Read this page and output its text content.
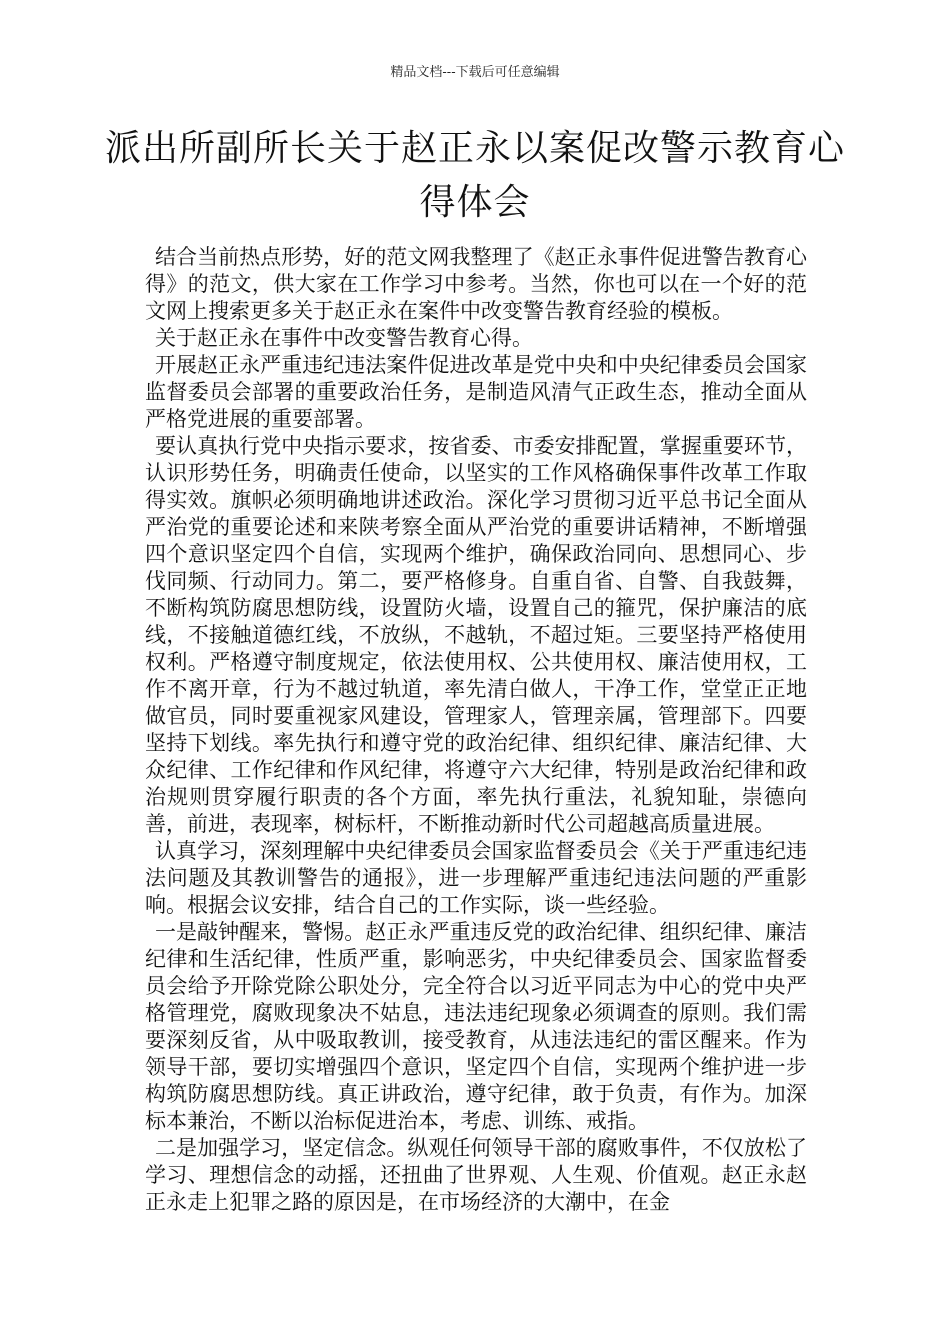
精品文档---下载后可任意编辑
派出所副所长关于赵正永以案促改警示教育心得体会

结合当前热点形势，好的范文网我整理了《赵正永事件促进警告教育心得》的范文，供大家在工作学习中参考。当然，你也可以在一个好的范文网上搜索更多关于赵正永在案件中改变警告教育经验的模板。

关于赵正永在事件中改变警告教育心得。

开展赵正永严重违纪违法案件促进改革是党中央和中央纪律委员会国家监督委员会部署的重要政治任务，是制造风清气正政生态，推动全面从严格党进展的重要部署。

要认真执行党中央指示要求，按省委、市委安排配置，掌握重要环节，认识形势任务，明确责任使命，以坚实的工作风格确保事件改革工作取得实效。旗帜必须明确地讲述政治。深化学习贯彻习近平总书记全面从严治党的重要论述和来陕考察全面从严治党的重要讲话精神，不断增强四个意识坚定四个自信，实现两个维护，确保政治同向、思想同心、步伐同频、行动同力。第二，要严格修身。自重自省、自警、自我鼓舞，不断构筑防腐思想防线，设置防火墙，设置自己的箍咒，保护廉洁的底线，不接触道德红线，不放纵，不越轨，不超过矩。三要坚持严格使用权利。严格遵守制度规定，依法使用权、公共使用权、廉洁使用权，工作不离开章，行为不越过轨道，率先清白做人，干净工作，堂堂正正地做官员，同时要重视家风建设，管理家人，管理亲属，管理部下。四要坚持下划线。率先执行和遵守党的政治纪律、组织纪律、廉洁纪律、大众纪律、工作纪律和作风纪律，将遵守六大纪律，特别是政治纪律和政治规则贯穿履行职责的各个方面，率先执行重法，礼貌知耻，崇德向善，前进，表现率，树标杆，不断推动新时代公司超越高质量进展。

认真学习，深刻理解中央纪律委员会国家监督委员会《关于严重违纪违法问题及其教训警告的通报》，进一步理解严重违纪违法问题的严重影响。根据会议安排，结合自己的工作实际，谈一些经验。

一是敲钟醒来，警惕。赵正永严重违反党的政治纪律、组织纪律、廉洁纪律和生活纪律，性质严重，影响恶劣，中央纪律委员会、国家监督委员会给予开除党除公职处分，完全符合以习近平同志为中心的党中央严格管理党，腐败现象决不姑息，违法违纪现象必须调查的原则。我们需要深刻反省，从中吸取教训，接受教育，从违法违纪的雷区醒来。作为领导干部，要切实增强四个意识，坚定四个自信，实现两个维护进一步构筑防腐思想防线。真正讲政治，遵守纪律，敢于负责，有作为。加深标本兼治，不断以治标促进治本，考虑、训练、戒指。

二是加强学习，坚定信念。纵观任何领导干部的腐败事件，不仅放松了学习、理想信念的动摇，还扭曲了世界观、人生观、价值观。赵正永赵正永走上犯罪之路的原因是，在市场经济的大潮中，在金
